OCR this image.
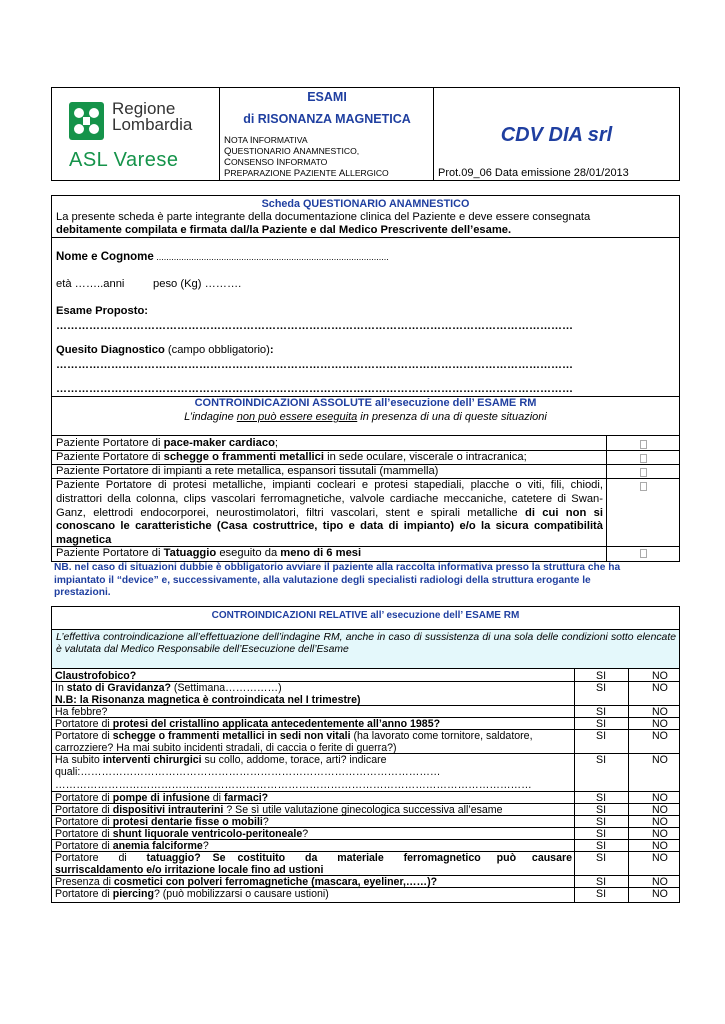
Regione
Lombardia
ASL Varese
ESAMI
di RISONANZA MAGNETICA
NOTA INFORMATIVA
QUESTIONARIO ANAMNESTICO,
CONSENSO INFORMATO
PREPARAZIONE PAZIENTE ALLERGICO
CDV DIA srl
Prot.09_06 Data emissione 28/01/2013
Scheda QUESTIONARIO ANAMNESTICO
La presente scheda è parte integrante della documentazione clinica del Paziente e deve essere consegnata
debitamente compilata e firmata dal/la Paziente e dal Medico Prescrivente dell’esame.
Nome e Cognome .............................................................................................
età ……..anni	peso (Kg) ……….
Esame Proposto:
……………………………………………………………………………………………………………………………
Quesito Diagnostico (campo obbligatorio):
……………………………………………………………………………………………………………………………
……………………………………………………………………………………………………………………………
CONTROINDICAZIONI ASSOLUTE all’esecuzione dell’ ESAME RM
L’indagine non può essere eseguita in presenza di una di queste situazioni
Paziente Portatore di pace-maker cardiaco;
Paziente Portatore di schegge o frammenti metallici in sede oculare, viscerale o intracranica;
Paziente Portatore di impianti a rete metallica, espansori tissutali (mammella)
Paziente Portatore di protesi metalliche, impianti cocleari e protesi stapediali, placche o viti, fili, chiodi, distrattori della colonna, clips vascolari ferromagnetiche, valvole cardiache meccaniche, catetere di Swan-Ganz, elettrodi endocorporei, neurostimolatori, filtri vascolari, stent e spirali metalliche di cui non si conoscano le caratteristiche (Casa costruttrice, tipo e data di impianto) e/o la sicura compatibilità magnetica
Paziente Portatore di Tatuaggio eseguito da meno di 6 mesi
NB. nel caso di situazioni dubbie è obbligatorio avviare il paziente alla raccolta informativa presso la struttura che ha impiantato il “device” e, successivamente, alla valutazione degli specialisti radiologi della struttura erogante le prestazioni.
CONTROINDICAZIONI RELATIVE all’ esecuzione dell’ ESAME RM
L’effettiva controindicazione all’effettuazione dell’indagine RM, anche in caso di sussistenza di una sola delle condizioni sotto elencate è valutata dal Medico Responsabile dell’Esecuzione dell’Esame
Claustrofobico?	SI	NO
In stato di Gravidanza? (Settimana……………)
N.B: la Risonanza magnetica è controindicata nel I trimestre)
SI	NO
Ha febbre?	SI	NO
Portatore di protesi del cristallino applicata antecedentemente all’anno 1985?	SI	NO
Portatore di schegge o frammenti metallici in sedi non vitali (ha lavorato come tornitore, saldatore, carrozziere? Ha mai subito incidenti stradali, di caccia o ferite di guerra?)
SI	NO
Ha subito interventi chirurgici su collo, addome, torace, arti? indicare quali:…………………………………………………………………………………………
………………………………………………………………………………………………………………………
SI	NO
Portatore di pompe di infusione di farmaci?	SI	NO
Portatore di dispositivi intrauterini ? Se sì utile valutazione ginecologica successiva all’esame	SI	NO
Portatore di protesi dentarie fisse o mobili?	SI	NO
Portatore di shunt liquorale ventricolo-peritoneale?	SI	NO
Portatore di anemia falciforme?	SI	NO
Portatore     di     tatuaggio?   Se   costituito     da     materiale     ferromagnetico    può    causare surriscaldamento e/o irritazione locale fino ad ustioni
SI	NO
Presenza di cosmetici con polveri ferromagnetiche (mascara, eyeliner,……)?	SI	NO
Portatore di piercing? (può mobilizzarsi o causare ustioni)	SI	NO
